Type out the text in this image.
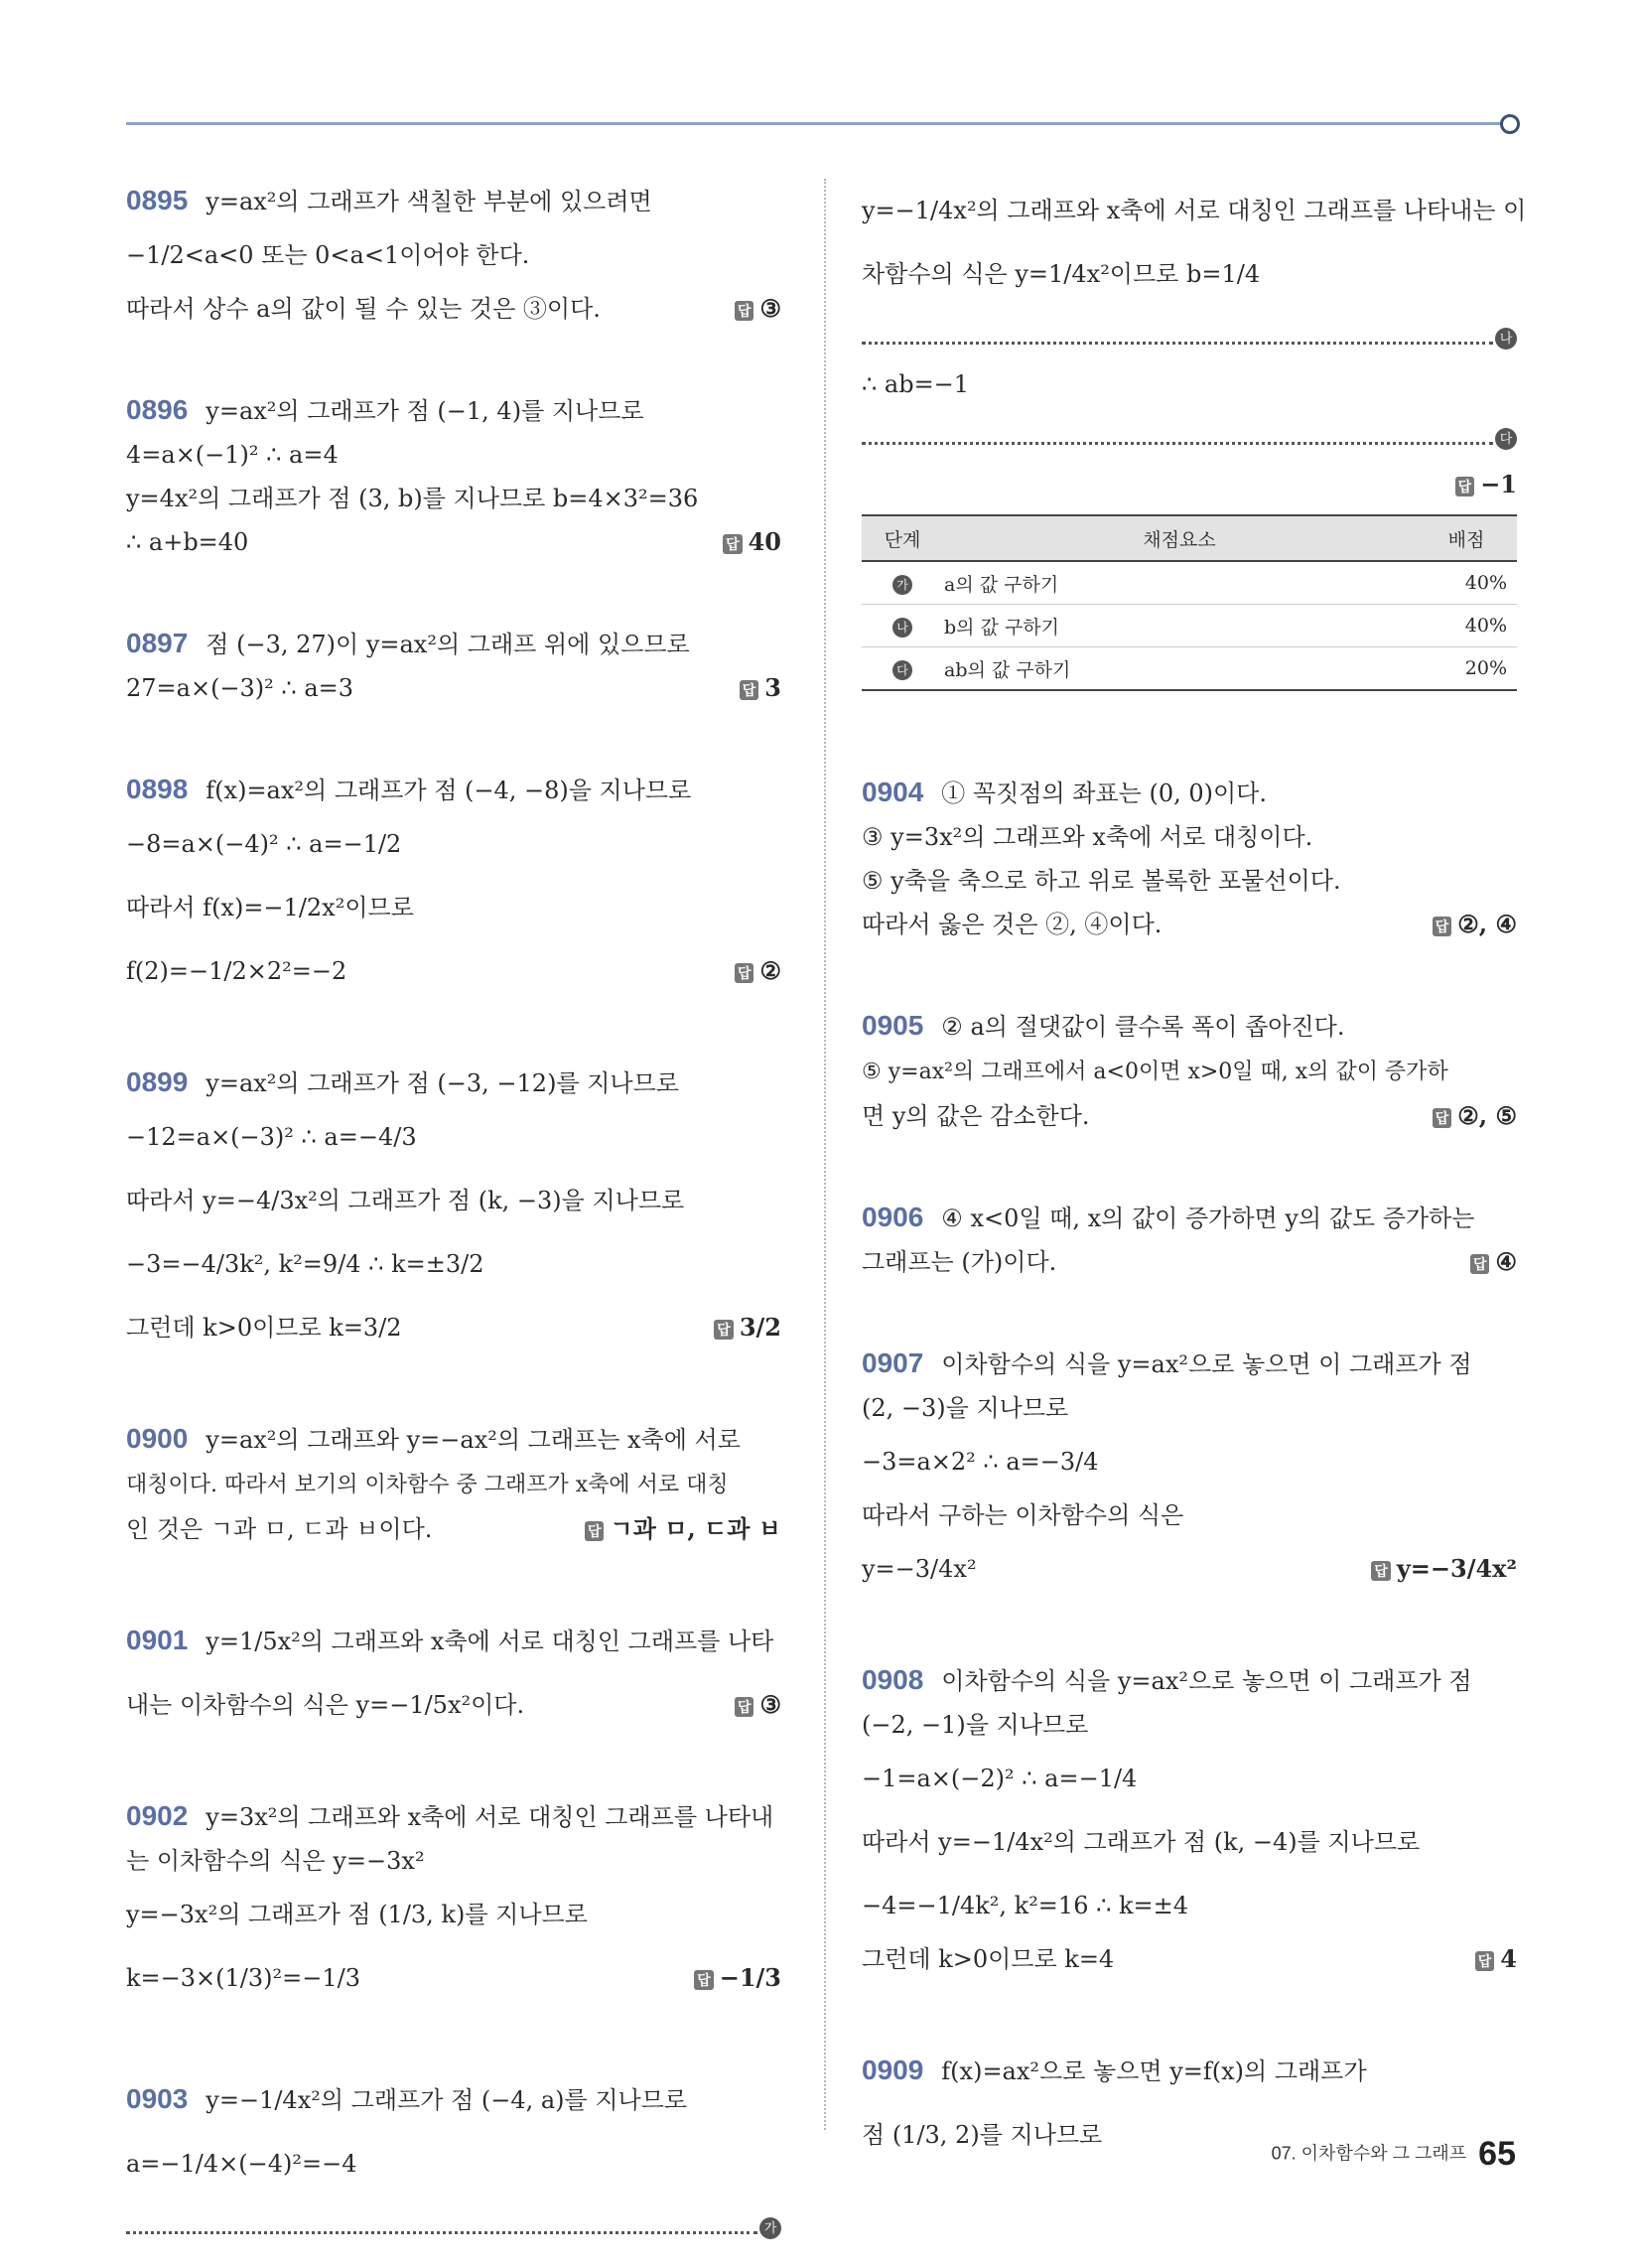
0895 y=ax²의 그래프가 색칠한 부분에 있으려면
−1/2<a<0 또는 0<a<1이어야 한다.
따라서 상수 a의 값이 될 수 있는 것은 ③이다.	답 ③
0896 y=ax²의 그래프가 점 (−1, 4)를 지나므로
4=a×(−1)² ∴ a=4
y=4x²의 그래프가 점 (3, b)를 지나므로 b=4×3²=36
∴ a+b=40	답 40
0897 점 (−3, 27)이 y=ax²의 그래프 위에 있으므로
27=a×(−3)² ∴ a=3	답 3
0898 f(x)=ax²의 그래프가 점 (−4, −8)을 지나므로
−8=a×(−4)² ∴ a=−1/2
따라서 f(x)=−1/2x²이므로
f(2)=−1/2×2²=−2	답 ②
0899 y=ax²의 그래프가 점 (−3, −12)를 지나므로
−12=a×(−3)² ∴ a=−4/3
따라서 y=−4/3x²의 그래프가 점 (k, −3)을 지나므로
−3=−4/3k², k²=9/4 ∴ k=±3/2
그런데 k>0이므로 k=3/2	답 3/2
0900 y=ax²의 그래프와 y=−ax²의 그래프는 x축에 서로
대칭이다. 따라서 보기의 이차함수 중 그래프가 x축에 서로 대칭
인 것은 ㄱ과 ㅁ, ㄷ과 ㅂ이다.	답 ㄱ과 ㅁ, ㄷ과 ㅂ
0901 y=1/5x²의 그래프와 x축에 서로 대칭인 그래프를 나타
내는 이차함수의 식은 y=−1/5x²이다.	답 ③
0902 y=3x²의 그래프와 x축에 서로 대칭인 그래프를 나타내
는 이차함수의 식은 y=−3x²
y=−3x²의 그래프가 점 (1/3, k)를 지나므로
k=−3×(1/3)²=−1/3	답 −1/3
0903 y=−1/4x²의 그래프가 점 (−4, a)를 지나므로
a=−1/4×(−4)²=−4
가
y=−1/4x²의 그래프와 x축에 서로 대칭인 그래프를 나타내는 이
차함수의 식은 y=1/4x²이므로 b=1/4
나
∴ ab=−1
다
답 −1
단계	채점요소	배점
가	a의 값 구하기	40%
나	b의 값 구하기	40%
다	ab의 값 구하기	20%
0904 ① 꼭짓점의 좌표는 (0, 0)이다.
③ y=3x²의 그래프와 x축에 서로 대칭이다.
⑤ y축을 축으로 하고 위로 볼록한 포물선이다.
따라서 옳은 것은 ②, ④이다.	답 ②, ④
0905 ② a의 절댓값이 클수록 폭이 좁아진다.
⑤ y=ax²의 그래프에서 a<0이면 x>0일 때, x의 값이 증가하
면 y의 값은 감소한다.	답 ②, ⑤
0906 ④ x<0일 때, x의 값이 증가하면 y의 값도 증가하는
그래프는 (가)이다.	답 ④
0907 이차함수의 식을 y=ax²으로 놓으면 이 그래프가 점
(2, −3)을 지나므로
−3=a×2² ∴ a=−3/4
따라서 구하는 이차함수의 식은
y=−3/4x²	답 y=−3/4x²
0908 이차함수의 식을 y=ax²으로 놓으면 이 그래프가 점
(−2, −1)을 지나므로
−1=a×(−2)² ∴ a=−1/4
따라서 y=−1/4x²의 그래프가 점 (k, −4)를 지나므로
−4=−1/4k², k²=16 ∴ k=±4
그런데 k>0이므로 k=4	답 4
0909 f(x)=ax²으로 놓으면 y=f(x)의 그래프가
점 (1/3, 2)를 지나므로
07. 이차함수와 그 그래프 65
